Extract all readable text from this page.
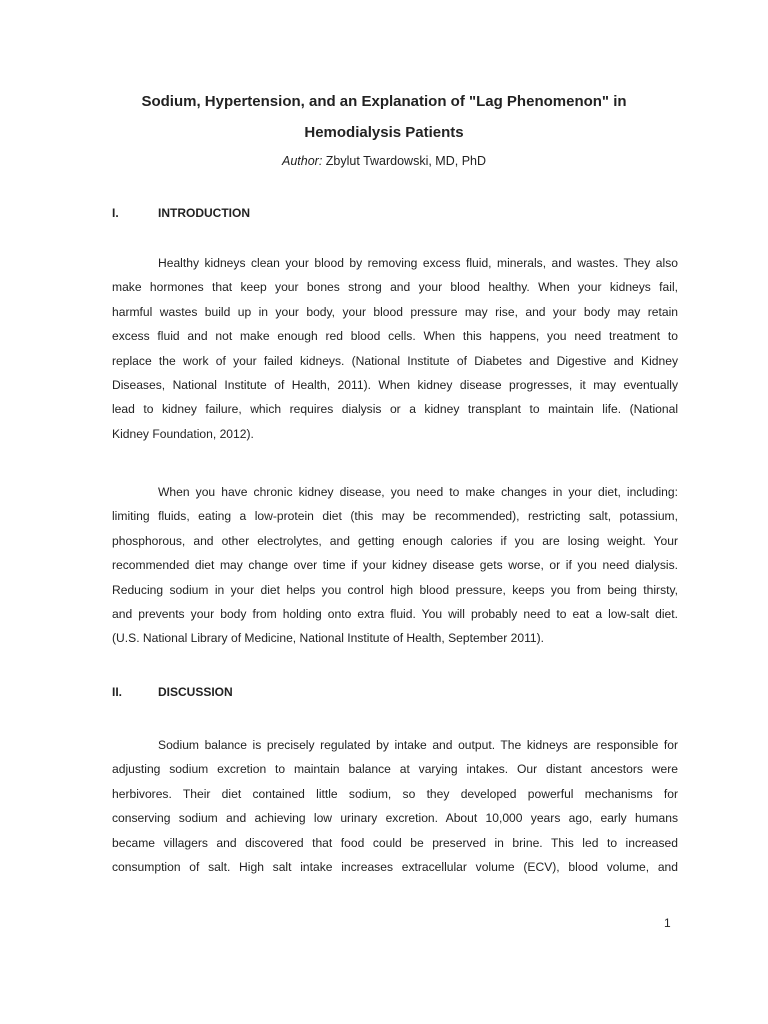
Sodium, Hypertension, and an Explanation of "Lag Phenomenon" in
Hemodialysis Patients
Author: Zbylut Twardowski, MD, PhD
I.	INTRODUCTION
Healthy kidneys clean your blood by removing excess fluid, minerals, and wastes. They also
make hormones that keep your bones strong and your blood healthy. When your kidneys fail,
harmful wastes build up in your body, your blood pressure may rise, and your body may retain
excess fluid and not make enough red blood cells. When this happens, you need treatment to
replace the work of your failed kidneys. (National Institute of Diabetes and Digestive and Kidney
Diseases, National Institute of Health, 2011). When kidney disease progresses, it may eventually
lead to kidney failure, which requires dialysis or a kidney transplant to maintain life. (National
Kidney Foundation, 2012).
When you have chronic kidney disease, you need to make changes in your diet, including:
limiting fluids, eating a low-protein diet (this may be recommended), restricting salt, potassium,
phosphorous, and other electrolytes, and getting enough calories if you are losing weight. Your
recommended diet may change over time if your kidney disease gets worse, or if you need dialysis.
Reducing sodium in your diet helps you control high blood pressure, keeps you from being thirsty,
and prevents your body from holding onto extra fluid. You will probably need to eat a low-salt diet.
(U.S. National Library of Medicine, National Institute of Health, September 2011).
II.	DISCUSSION
Sodium balance is precisely regulated by intake and output. The kidneys are responsible for
adjusting sodium excretion to maintain balance at varying intakes. Our distant ancestors were
herbivores. Their diet contained little sodium, so they developed powerful mechanisms for
conserving sodium and achieving low urinary excretion. About 10,000 years ago, early humans
became villagers and discovered that food could be preserved in brine. This led to increased
consumption of salt. High salt intake increases extracellular volume (ECV), blood volume, and
1
